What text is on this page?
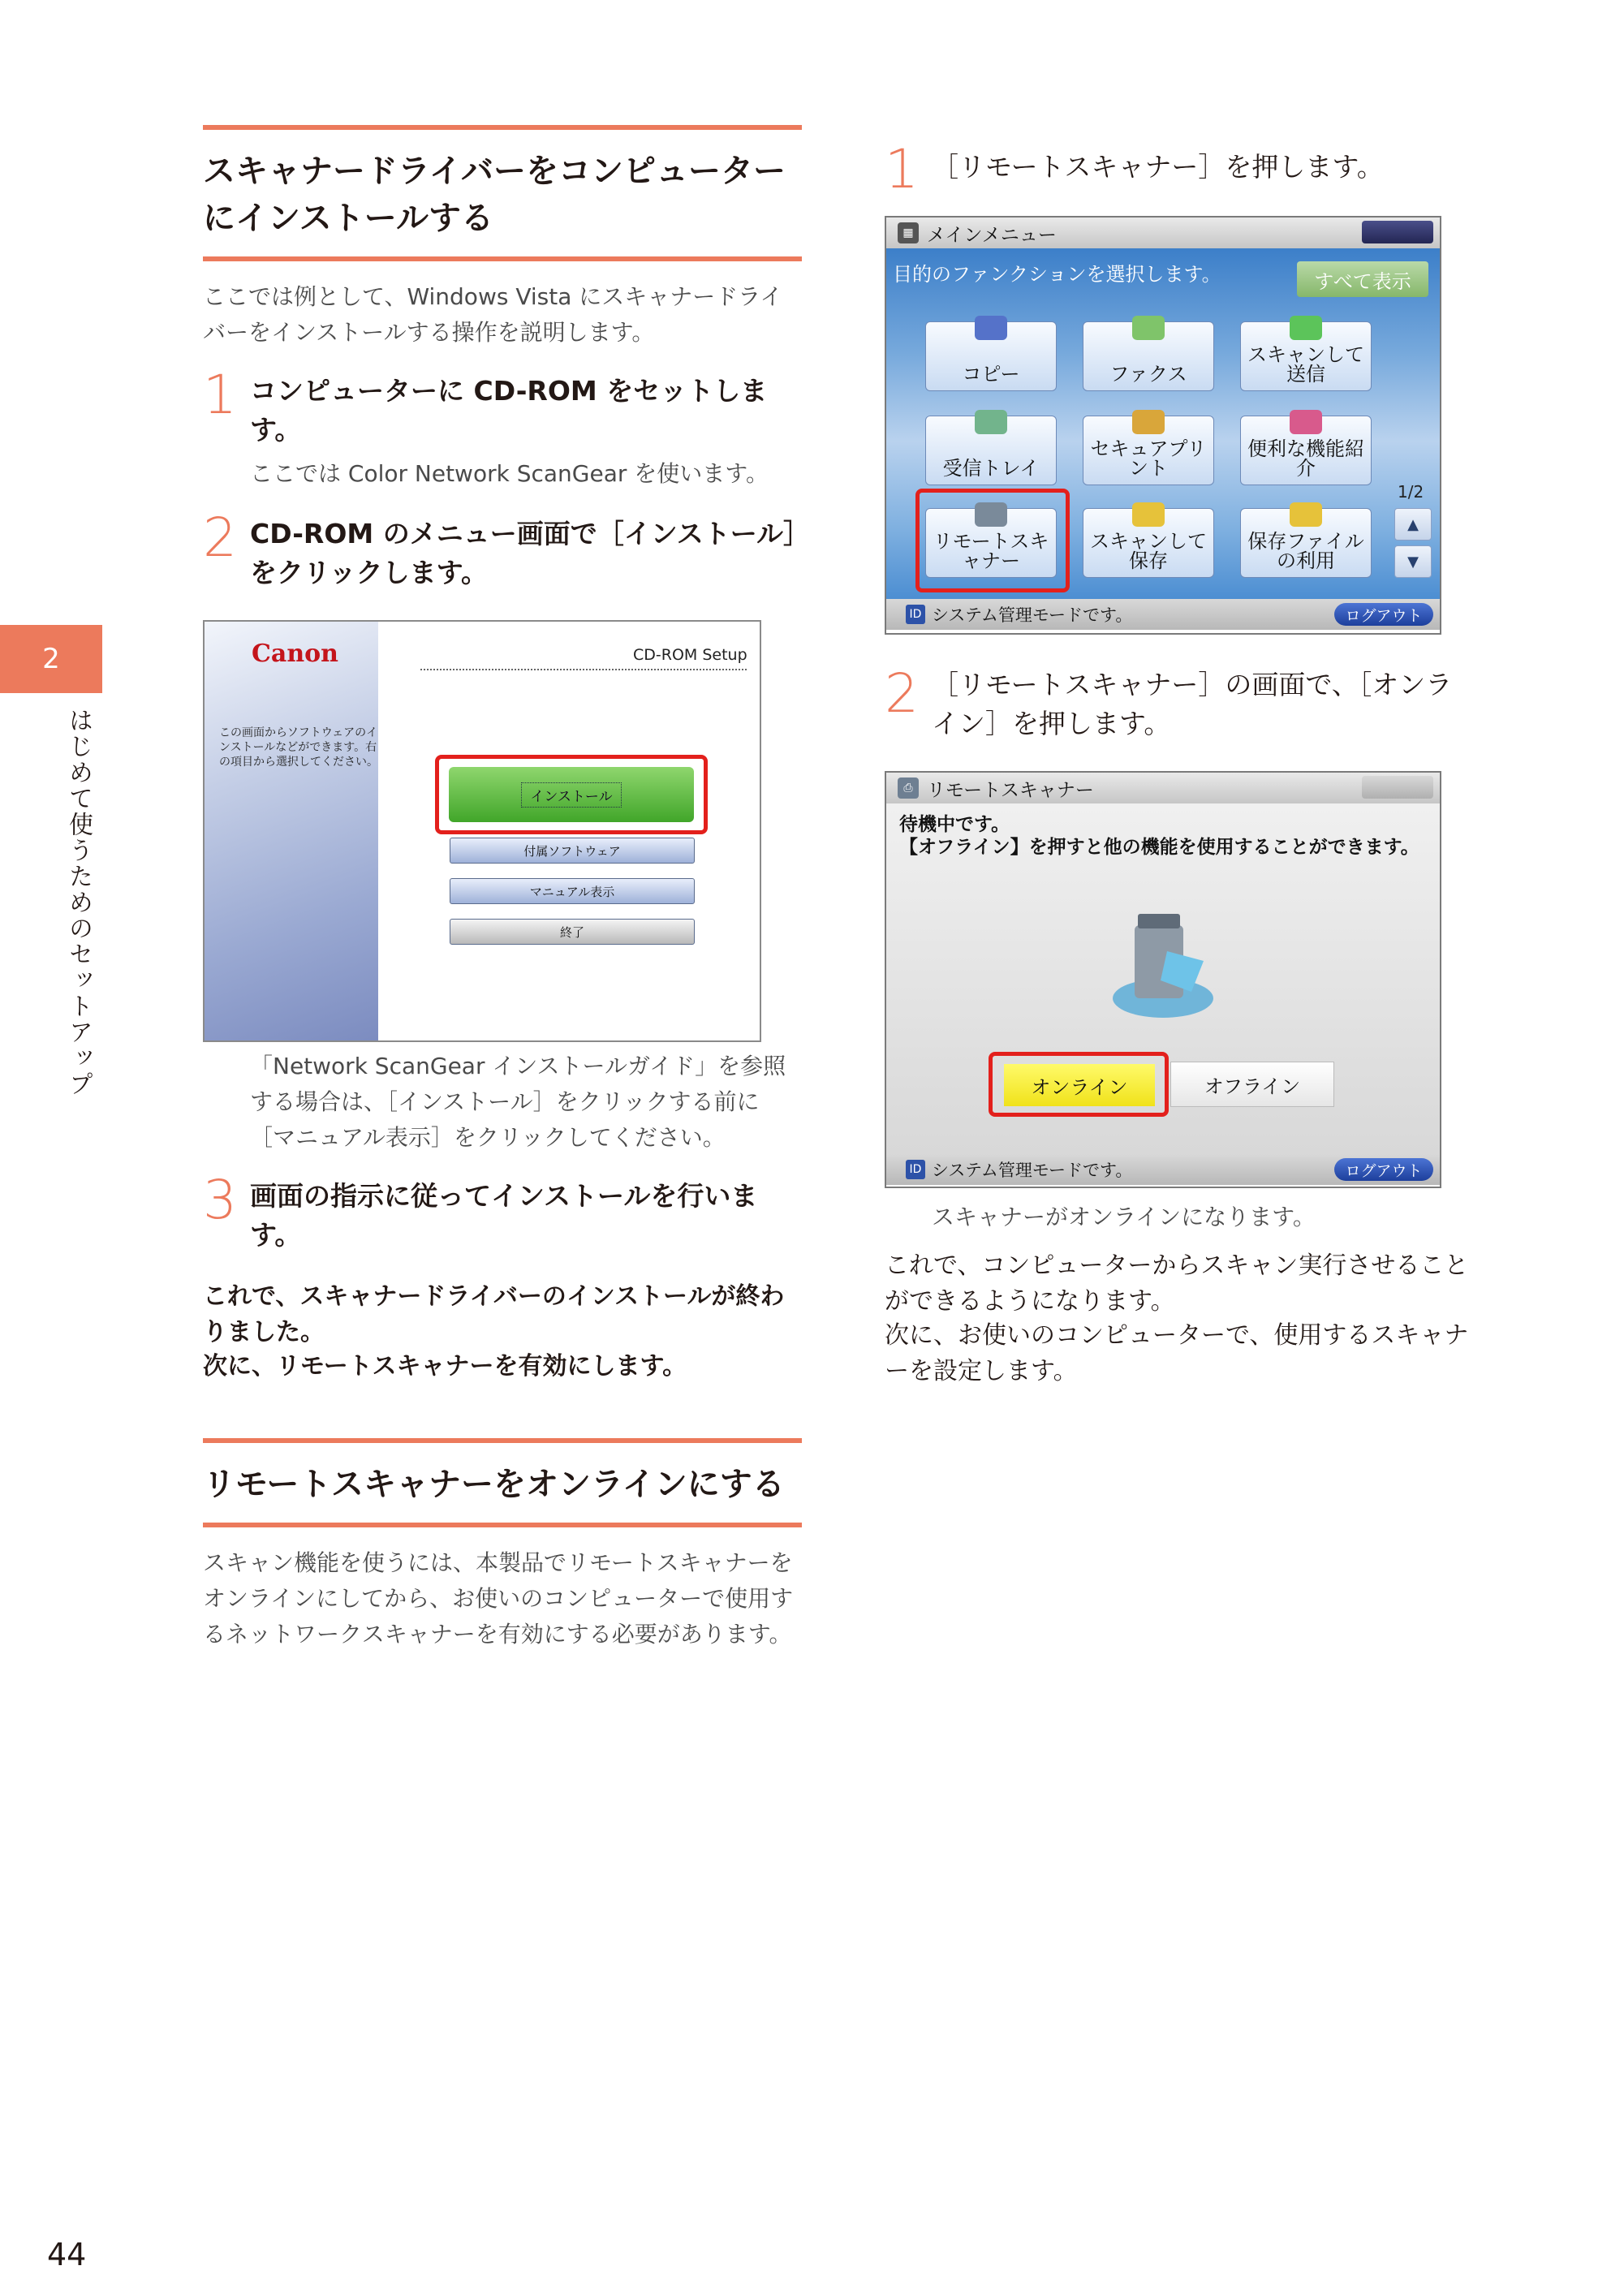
2
はじめて使うためのセットアップ
スキャナードライバーをコンピューターにインストールする
ここでは例として、Windows Vista にスキャナードライバーをインストールする操作を説明します。
1 コンピューターに CD-ROM をセットします。
ここでは Color Network ScanGear を使います。
2 CD-ROM のメニュー画面で［インストール］をクリックします。
Canon	CD-ROM Setup
この画面からソフトウェアのインストールなどができます。右の項目から選択してください。
インストール
付属ソフトウェア
マニュアル表示
終了
「Network ScanGear インストールガイド」を参照する場合は、［インストール］をクリックする前に［マニュアル表示］をクリックしてください。
3 画面の指示に従ってインストールを行います。
これで、スキャナードライバーのインストールが終わりました。
次に、リモートスキャナーを有効にします。
リモートスキャナーをオンラインにする
スキャン機能を使うには、本製品でリモートスキャナーをオンラインにしてから、お使いのコンピューターで使用するネットワークスキャナーを有効にする必要があります。
1 ［リモートスキャナー］を押します。
▦ メインメニュー
目的のファンクションを選択します。	すべて表示
コピー	ファクス
スキャンして送信
受信トレイ
セキュアプリント
便利な機能紹介
リモートスキャナー
スキャンして保存
保存ファイルの利用
1/2
▲
▼
ID システム管理モードです。	ログアウト
2 ［リモートスキャナー］の画面で、［オンライン］を押します。
⎙ リモートスキャナー
待機中です。
【オフライン】を押すと他の機能を使用することができます。
オンライン	オフライン
ID システム管理モードです。	ログアウト
スキャナーがオンラインになります。
これで、コンピューターからスキャン実行させることができるようになります。
次に、お使いのコンピューターで、使用するスキャナーを設定します。
44
